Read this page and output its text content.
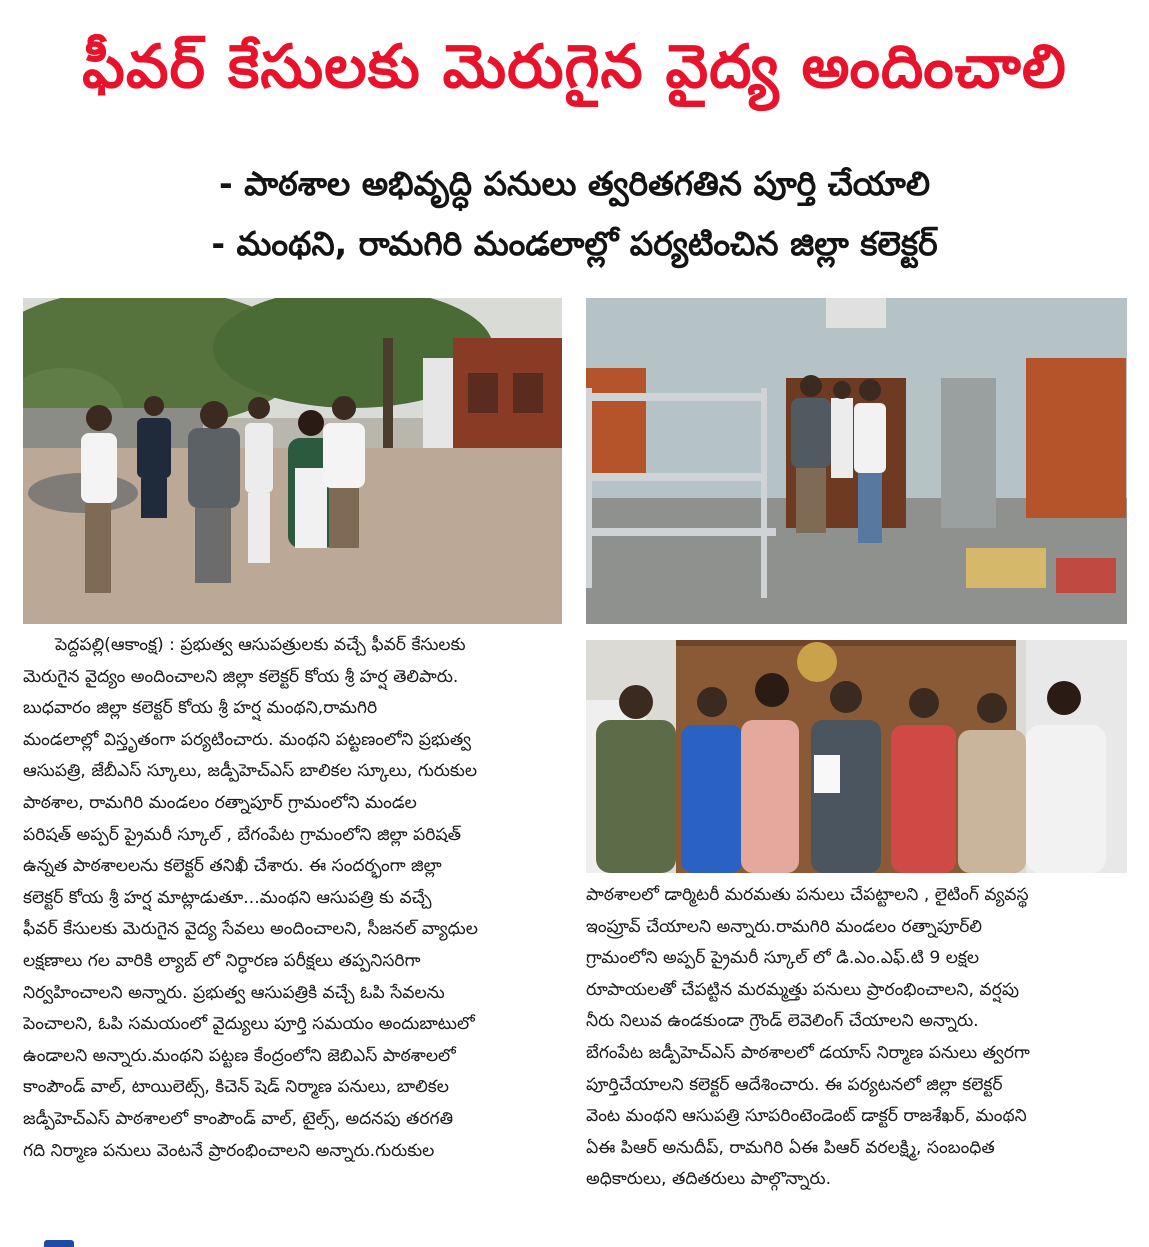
ఫీవర్ కేసులకు మెరుగైన వైద్య అందించాలి
- పాఠశాల అభివృద్ధి పనులు త్వరితగతిన పూర్తి చేయాలి
- మంథని, రామగిరి మండలాల్లో పర్యటించిన జిల్లా కలెక్టర్

పెద్దపల్లి(ఆకాంక్ష) : ప్రభుత్వ ఆసుపత్రులకు వచ్చే ఫీవర్ కేసులకు

మెరుగైన వైద్యం అందించాలని జిల్లా కలెక్టర్ కోయ శ్రీ హర్ష తెలిపారు.

బుధవారం జిల్లా కలెక్టర్ కోయ శ్రీ హర్ష మంథని,రామగిరి

మండలాల్లో విస్తృతంగా పర్యటించారు. మంథని పట్టణంలోని ప్రభుత్వ

ఆసుపత్రి, జేబీఎస్ స్కూలు, జడ్పీహెచ్ఎస్ బాలికల స్కూలు, గురుకుల

పాఠశాల, రామగిరి మండలం రత్నాపూర్ గ్రామంలోని మండల

పరిషత్ అప్పర్ ప్రైమరీ స్కూల్ , బేగంపేట గ్రామంలోని జిల్లా పరిషత్

ఉన్నత పాఠశాలలను కలెక్టర్ తనిఖీ చేశారు. ఈ సందర్భంగా జిల్లా

కలెక్టర్ కోయ శ్రీ హర్ష మాట్లాడుతూ...మంథని ఆసుపత్రి కు వచ్చే

ఫీవర్ కేసులకు మెరుగైన వైద్య సేవలు అందించాలని, సీజనల్ వ్యాధుల

లక్షణాలు గల వారికి ల్యాబ్ లో నిర్ధారణ పరీక్షలు తప్పనిసరిగా

నిర్వహించాలని అన్నారు. ప్రభుత్వ ఆసుపత్రికి వచ్చే ఓపి సేవలను

పెంచాలని, ఓపి సమయంలో వైద్యులు పూర్తి సమయం అందుబాటులో

ఉండాలని అన్నారు.మంథని పట్టణ కేంద్రంలోని జెబిఎస్ పాఠశాలలో

కాంపౌండ్ వాల్, టాయిలెట్స్, కిచెన్ షెడ్ నిర్మాణ పనులు, బాలికల

జడ్పీహెచ్ఎస్ పాఠశాలలో కాంపౌండ్ వాల్, టైల్స్, అదనపు తరగతి

గది నిర్మాణ పనులు వెంటనే ప్రారంభించాలని అన్నారు.గురుకుల

పాఠశాలలో డార్మిటరీ మరమతు పనులు చేపట్టాలని , లైటింగ్ వ్యవస్థ

ఇంప్రూవ్ చేయాలని అన్నారు.రామగిరి మండలం రత్నాపూర్‌లి

గ్రామంలోని అప్పర్ ప్రైమరీ స్కూల్ లో డి.ఎం.ఎఫ్.టి 9 లక్షల

రూపాయలతో చేపట్టిన మరమ్మత్తు పనులు ప్రారంభించాలని, వర్షపు

నీరు నిలువ ఉండకుండా గ్రౌండ్ లెవెలింగ్ చేయాలని అన్నారు.

బేగంపేట జడ్పీహెచ్ఎస్ పాఠశాలలో డయాస్ నిర్మాణ పనులు త్వరగా

పూర్తిచేయాలని కలెక్టర్ ఆదేశించారు. ఈ పర్యటనలో జిల్లా కలెక్టర్

వెంట మంథని ఆసుపత్రి సూపరింటెండెంట్ డాక్టర్ రాజశేఖర్, మంథని

ఏఈ పిఆర్ అనుదీప్, రామగిరి ఏఈ పిఆర్ వరలక్ష్మి, సంబంధిత

అధికారులు, తదితరులు పాల్గొన్నారు.
